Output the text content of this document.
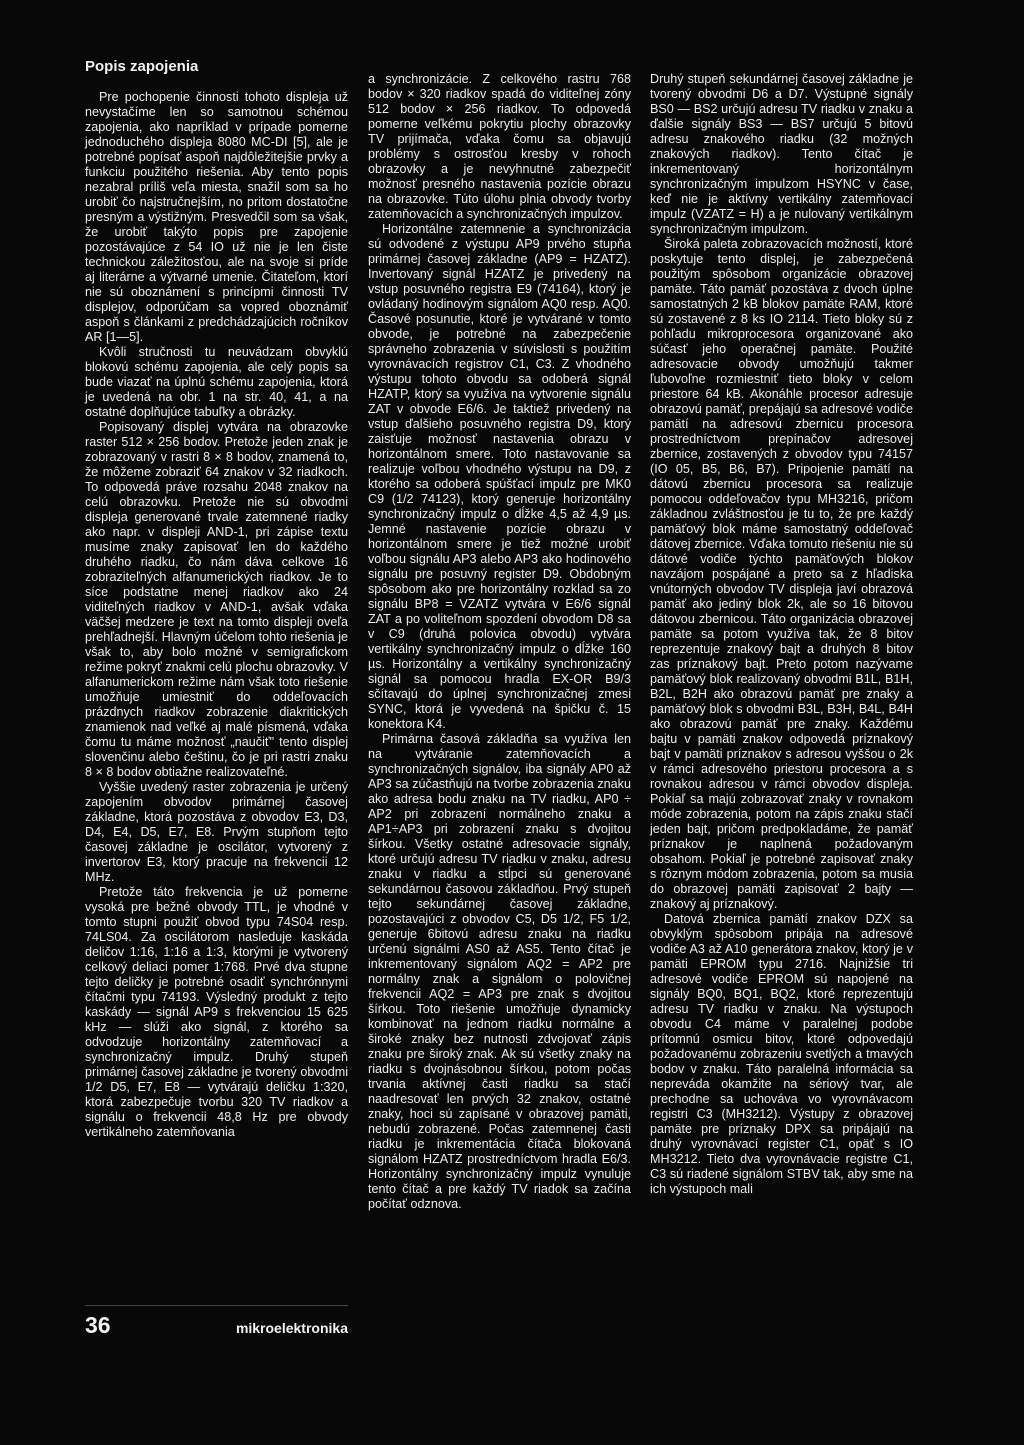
Popis zapojenia

Pre pochopenie činnosti tohoto displeja už nevystačíme len so samotnou schémou zapojenia, ako napríklad v prípade pomerne jednoduchého displeja 8080 MC-DI [5], ale je potrebné popísať aspoň najdôležitejšie prvky a funkciu použitého riešenia. Aby tento popis nezabral príliš veľa miesta, snažil som sa ho urobiť čo najstručnejším, no pritom dostatočne presným a výstižným. Presvedčil som sa však, že urobiť takýto popis pre zapojenie pozostávajúce z 54 IO už nie je len čiste technickou záležitosťou, ale na svoje si príde aj literárne a výtvarné umenie. Čitateľom, ktorí nie sú oboznámení s princípmi činnosti TV displejov, odporúčam sa vopred oboznámiť aspoň s článkami z predchádzajúcich ročníkov AR [1—5].

Kvôli stručnosti tu neuvádzam obvyklú blokovú schému zapojenia, ale celý popis sa bude viazať na úplnú schému zapojenia, ktorá je uvedená na obr. 1 na str. 40, 41, a na ostatné doplňujúce tabuľky a obrázky.

Popisovaný displej vytvára na obrazovke raster 512 × 256 bodov. Pretože jeden znak je zobrazovaný v rastri 8 × 8 bodov, znamená to, že môžeme zobraziť 64 znakov v 32 riadkoch. To odpovedá práve rozsahu 2048 znakov na celú obrazovku. Pretože nie sú obvodmi displeja generované trvale zatemnené riadky ako napr. v displeji AND-1, pri zápise textu musíme znaky zapisovať len do každého druhého riadku, čo nám dáva celkove 16 zobraziteľných alfanumerických riadkov. Je to síce podstatne menej riadkov ako 24 viditeľných riadkov v AND-1, avšak vďaka väčšej medzere je text na tomto displeji oveľa prehľadnejší. Hlavným účelom tohto riešenia je však to, aby bolo možné v semigrafickom režime pokryť znakmi celú plochu obrazovky. V alfanumerickom režime nám však toto riešenie umožňuje umiestniť do oddeľovacích prázdnych riadkov zobrazenie diakritických znamienok nad veľké aj malé písmená, vďaka čomu tu máme možnosť „naučiť" tento displej slovenčinu alebo češtinu, čo je pri rastri znaku 8 × 8 bodov obtiažne realizovateľné.

Vyššie uvedený raster zobrazenia je určený zapojením obvodov primárnej časovej základne, ktorá pozostáva z obvodov E3, D3, D4, E4, D5, E7, E8. Prvým stupňom tejto časovej základne je oscilátor, vytvorený z invertorov E3, ktorý pracuje na frekvencii 12 MHz.

Pretože táto frekvencia je už pomerne vysoká pre bežné obvody TTL, je vhodné v tomto stupni použiť obvod typu 74S04 resp. 74LS04. Za oscilátorom nasleduje kaskáda deličov 1:16, 1:16 a 1:3, ktorými je vytvorený celkový deliaci pomer 1:768. Prvé dva stupne tejto deličky je potrebné osadiť synchrónnymi čítačmi typu 74193. Výsledný produkt z tejto kaskády — signál AP9 s frekvenciou 15 625 kHz — slúži ako signál, z ktorého sa odvodzuje horizontálny zatemňovací a synchronizačný impulz. Druhý stupeň primárnej časovej základne je tvorený obvodmi 1/2 D5, E7, E8 — vytvárajú deličku 1:320, ktorá zabezpečuje tvorbu 320 TV riadkov a signálu o frekvencii 48,8 Hz pre obvody vertikálneho zatemňovania

a synchronizácie. Z celkového rastru 768 bodov × 320 riadkov spadá do viditeľnej zóny 512 bodov × 256 riadkov. To odpovedá pomerne veľkému pokrytiu plochy obrazovky TV prijímača, vďaka čomu sa objavujú problémy s ostrosťou kresby v rohoch obrazovky a je nevyhnutné zabezpečiť možnosť presného nastavenia pozície obrazu na obrazovke. Túto úlohu plnia obvody tvorby zatemňovacích a synchronizačných impulzov.

Horizontálne zatemnenie a synchronizácia sú odvodené z výstupu AP9 prvého stupňa primárnej časovej základne (AP9 = HZATZ). Invertovaný signál HZATZ je privedený na vstup posuvného registra E9 (74164), ktorý je ovládaný hodinovým signálom AQ0 resp. AQ0. Časové posunutie, ktoré je vytvárané v tomto obvode, je potrebné na zabezpečenie správneho zobrazenia v súvislosti s použitím vyrovnávacích registrov C1, C3. Z vhodného výstupu tohoto obvodu sa odoberá signál HZATP, ktorý sa využíva na vytvorenie signálu ZAT v obvode E6/6. Je taktiež privedený na vstup ďalšieho posuvného registra D9, ktorý zaisťuje možnosť nastavenia obrazu v horizontálnom smere. Toto nastavovanie sa realizuje voľbou vhodného výstupu na D9, z ktorého sa odoberá spúšťací impulz pre MK0 C9 (1/2 74123), ktorý generuje horizontálny synchronizačný impulz o dĺžke 4,5 až 4,9 µs. Jemné nastavenie pozície obrazu v horizontálnom smere je tiež možné urobiť voľbou signálu AP3 alebo AP3 ako hodinového signálu pre posuvný register D9. Obdobným spôsobom ako pre horizontálny rozklad sa zo signálu BP8 = VZATZ vytvára v E6/6 signál ZAT a po voliteľnom spozdení obvodom D8 sa v C9 (druhá polovica obvodu) vytvára vertikálny synchronizačný impulz o dĺžke 160 µs. Horizontálny a vertikálny synchronizačný signál sa pomocou hradla EX-OR B9/3 sčítavajú do úplnej synchronizačnej zmesi SYNC, ktorá je vyvedená na špičku č. 15 konektora K4.

Primárna časová základňa sa využíva len na vytváranie zatemňovacích a synchronizačných signálov, iba signály AP0 až AP3 sa zúčastňujú na tvorbe zobrazenia znaku ako adresa bodu znaku na TV riadku, AP0 ÷ AP2 pri zobrazení normálneho znaku a AP1÷AP3 pri zobrazení znaku s dvojitou šírkou. Všetky ostatné adresovacie signály, ktoré určujú adresu TV riadku v znaku, adresu znaku v riadku a stĺpci sú generované sekundárnou časovou základňou. Prvý stupeň tejto sekundárnej časovej základne, pozostavajúci z obvodov C5, D5 1/2, F5 1/2, generuje 6bitovú adresu znaku na riadku určenú signálmi AS0 až AS5. Tento čítač je inkrementovaný signálom AQ2 = AP2 pre normálny znak a signálom o polovičnej frekvencii AQ2 = AP3 pre znak s dvojitou šírkou. Toto riešenie umožňuje dynamicky kombinovať na jednom riadku normálne a široké znaky bez nutnosti zdvojovať zápis znaku pre široký znak. Ak sú všetky znaky na riadku s dvojnásobnou šírkou, potom počas trvania aktívnej časti riadku sa stačí naadresovať len prvých 32 znakov, ostatné znaky, hoci sú zapísané v obrazovej pamäti, nebudú zobrazené. Počas zatemnenej časti riadku je inkrementácia čítača blokovaná signálom HZATZ prostredníctvom hradla E6/3. Horizontálny synchronizačný impulz vynuluje tento čítač a pre každý TV riadok sa začína počítať odznova.

Druhý stupeň sekundárnej časovej základne je tvorený obvodmi D6 a D7. Výstupné signály BS0 — BS2 určujú adresu TV riadku v znaku a ďalšie signály BS3 — BS7 určujú 5 bitovú adresu znakového riadku (32 možných znakových riadkov). Tento čítač je inkrementovaný horizontálnym synchronizačným impulzom HSYNC v čase, keď nie je aktívny vertikálny zatemňovací impulz (VZATZ = H) a je nulovaný vertikálnym synchronizačným impulzom.

Široká paleta zobrazovacích možností, ktoré poskytuje tento displej, je zabezpečená použitým spôsobom organizácie obrazovej pamäte. Táto pamäť pozostáva z dvoch úplne samostatných 2 kB blokov pamäte RAM, ktoré sú zostavené z 8 ks IO 2114. Tieto bloky sú z pohľadu mikroprocesora organizované ako súčasť jeho operačnej pamäte. Použité adresovacie obvody umožňujú takmer ľubovoľne rozmiestniť tieto bloky v celom priestore 64 kB. Akonáhle procesor adresuje obrazovú pamäť, prepájajú sa adresové vodiče pamätí na adresovú zbernicu procesora prostredníctvom prepínačov adresovej zbernice, zostavených z obvodov typu 74157 (IO 05, B5, B6, B7). Pripojenie pamätí na dátovú zbernicu procesora sa realizuje pomocou oddeľovačov typu MH3216, pričom základnou zvláštnosťou je tu to, že pre každý pamäťový blok máme samostatný oddeľovač dátovej zbernice. Vďaka tomuto riešeniu nie sú dátové vodiče týchto pamäťových blokov navzájom pospájané a preto sa z hľadiska vnútorných obvodov TV displeja javí obrazová pamäť ako jediný blok 2k, ale so 16 bitovou dátovou zbernicou. Táto organizácia obrazovej pamäte sa potom využíva tak, že 8 bitov reprezentuje znakový bajt a druhých 8 bitov zas príznakový bajt. Preto potom nazývame pamäťový blok realizovaný obvodmi B1L, B1H, B2L, B2H ako obrazovú pamäť pre znaky a pamäťový blok s obvodmi B3L, B3H, B4L, B4H ako obrazovú pamäť pre znaky. Každému bajtu v pamäti znakov odpovedá príznakový bajt v pamäti príznakov s adresou vyššou o 2k v rámci adresového priestoru procesora a s rovnakou adresou v rámci obvodov displeja. Pokiaľ sa majú zobrazovať znaky v rovnakom móde zobrazenia, potom na zápis znaku stačí jeden bajt, pričom predpokladáme, že pamäť príznakov je naplnená požadovaným obsahom. Pokiaľ je potrebné zapisovať znaky s rôznym módom zobrazenia, potom sa musia do obrazovej pamäti zapisovať 2 bajty — znakový aj príznakový.

Datová zbernica pamätí znakov DZX sa obvyklým spôsobom pripája na adresové vodiče A3 až A10 generátora znakov, ktorý je v pamäti EPROM typu 2716. Najnižšie tri adresové vodiče EPROM sú napojené na signály BQ0, BQ1, BQ2, ktoré reprezentujú adresu TV riadku v znaku. Na výstupoch obvodu C4 máme v paralelnej podobe prítomnú osmicu bitov, ktoré odpovedajú požadovanému zobrazeniu svetlých a tmavých bodov v znaku. Táto paralelná informácia sa nepreváda okamžite na sériový tvar, ale prechodne sa uchováva vo vyrovnávacom registri C3 (MH3212). Výstupy z obrazovej pamäte pre príznaky DPX sa pripájajú na druhý vyrovnávací register C1, opäť s IO MH3212. Tieto dva vyrovnávacie registre C1, C3 sú riadené signálom STBV tak, aby sme na ich výstupoch mali

36	mikroelektronika
